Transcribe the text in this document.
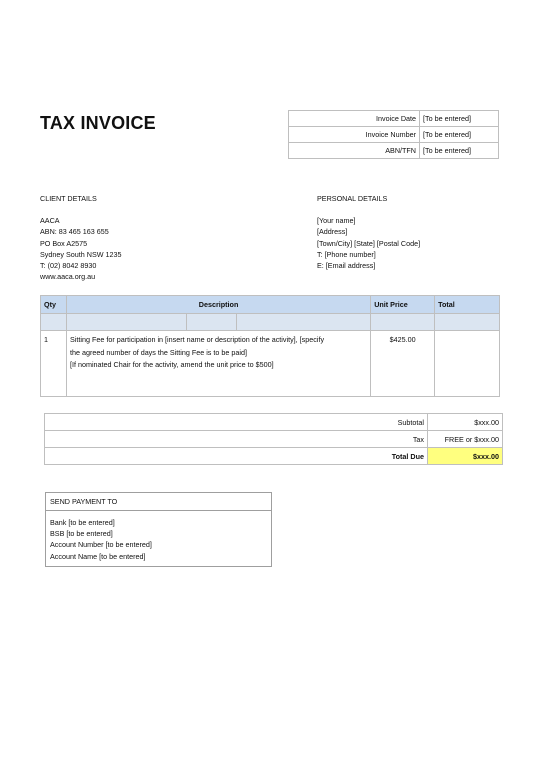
TAX INVOICE	Invoice Date	[To be entered]
Invoice Number	[To be entered]
ABN/TFN	[To be entered]
CLIENT DETAILS	PERSONAL DETAILS
AACA
ABN: 83 465 163 655
PO Box A2575
Sydney South NSW 1235
T: (02) 8042 8930
www.aaca.org.au
[Your name]
[Address]
[Town/City] [State] [Postal Code]
T: [Phone number]
E: [Email address]
Qty	Description			Unit Price	Total

1	Sitting Fee for participation in [insert name or description of the activity], [specify
the agreed number of days the Sitting Fee is to be paid]
[If nominated Chair for the activity, amend the unit price to $500]			$425.00	
Subtotal	$xxx.00
Tax	FREE or $xxx.00
Total Due	$xxx.00
SEND PAYMENT TO
Bank [to be entered]
BSB [to be entered]
Account Number [to be entered]
Account Name [to be entered]
